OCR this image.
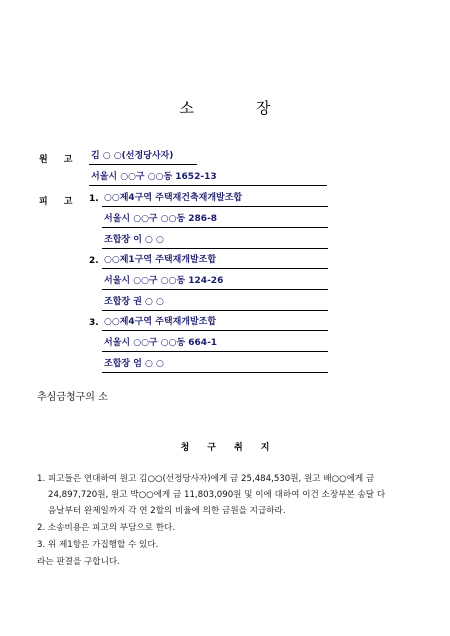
소	장
원 고 김 ○ ○(선정당사자)
서울시 ○○구 ○○동 1652-13
피 고 1. ○○제4구역 주택재건축재개발조합
서울시 ○○구 ○○동 286-8
조합장 이 ○ ○
2. ○○제1구역 주택재개발조합
서울시 ○○구 ○○동 124-26
조합장 권 ○ ○
3. ○○제4구역 주택재개발조합
서울시 ○○구 ○○동 664-1
조합장 엄 ○ ○
추심금청구의 소
청 구 취 지
1. 피고들은 연대하여 원고 김○○(선정당사자)에게 금 25,484,530원, 원고 배○○에게 금
24,897,720원, 원고 박○○에게 금 11,803,090원 및 이에 대하여 이건 소장부본 송달 다
음날부터 완제일까지 각 연 2할의 비율에 의한 금원을 지급하라.
2. 소송비용은 피고의 부담으로 한다.
3. 위 제1항은 가집행할 수 있다.
라는 판결을 구합니다.
